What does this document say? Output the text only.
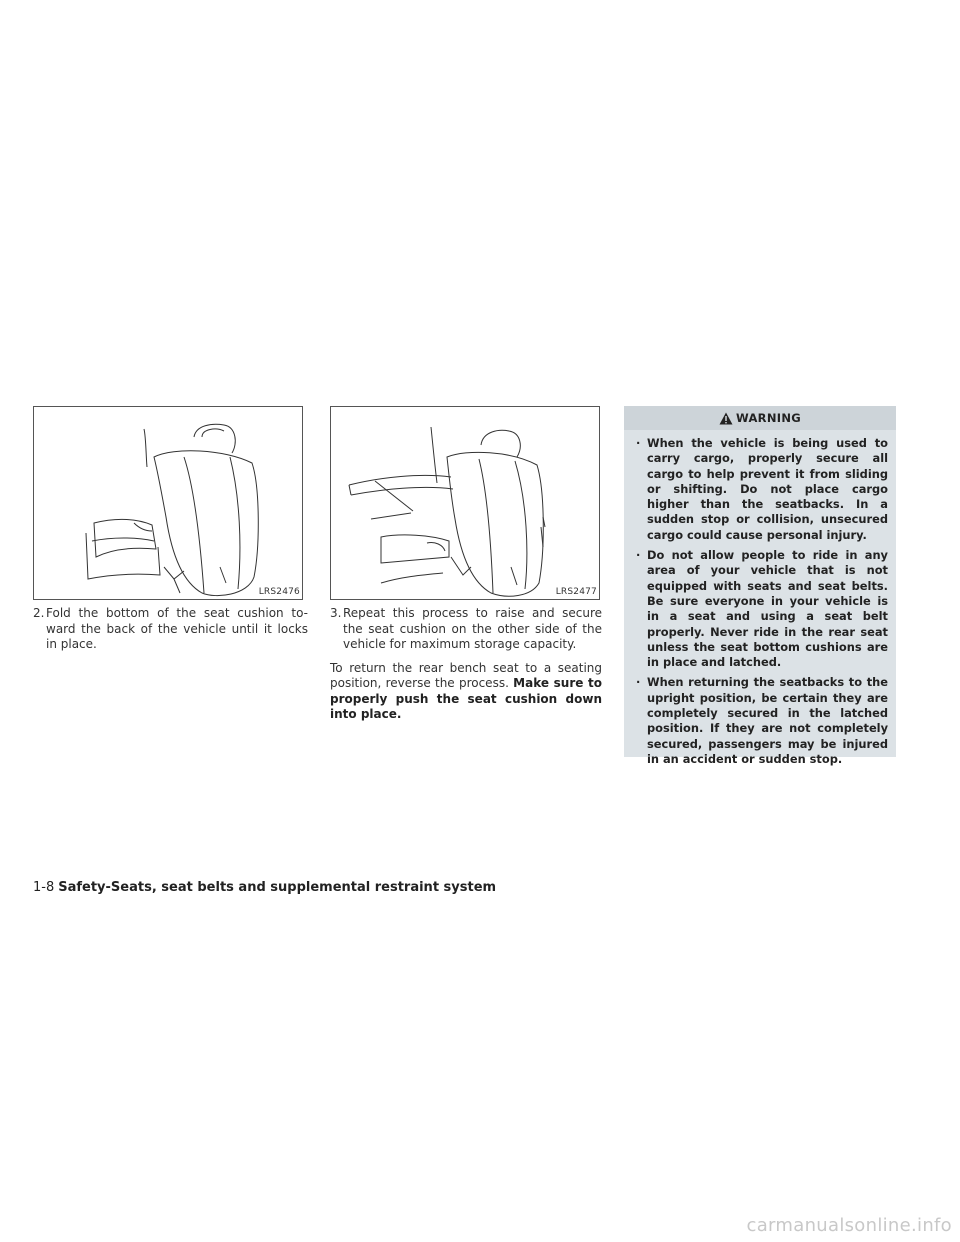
LRS2476	LRS2477
2. Fold the bottom of the seat cushion to-ward the back of the vehicle until it locks in place.
3. Repeat this process to raise and secure the seat cushion on the other side of the vehicle for maximum storage capacity.
To return the rear bench seat to a seating position, reverse the process. Make sure to properly push the seat cushion down into place.
WARNING
· When the vehicle is being used to carry cargo, properly secure all cargo to help prevent it from sliding or shifting. Do not place cargo higher than the seatbacks. In a sudden stop or collision, unsecured cargo could cause personal injury.
· Do not allow people to ride in any area of your vehicle that is not equipped with seats and seat belts. Be sure everyone in your vehicle is in a seat and using a seat belt properly. Never ride in the rear seat unless the seat bottom cushions are in place and latched.
· When returning the seatbacks to the upright position, be certain they are completely secured in the latched position. If they are not completely secured, passengers may be injured in an accident or sudden stop.
1-8 Safety-Seats, seat belts and supplemental restraint system
carmanualsonline.info
